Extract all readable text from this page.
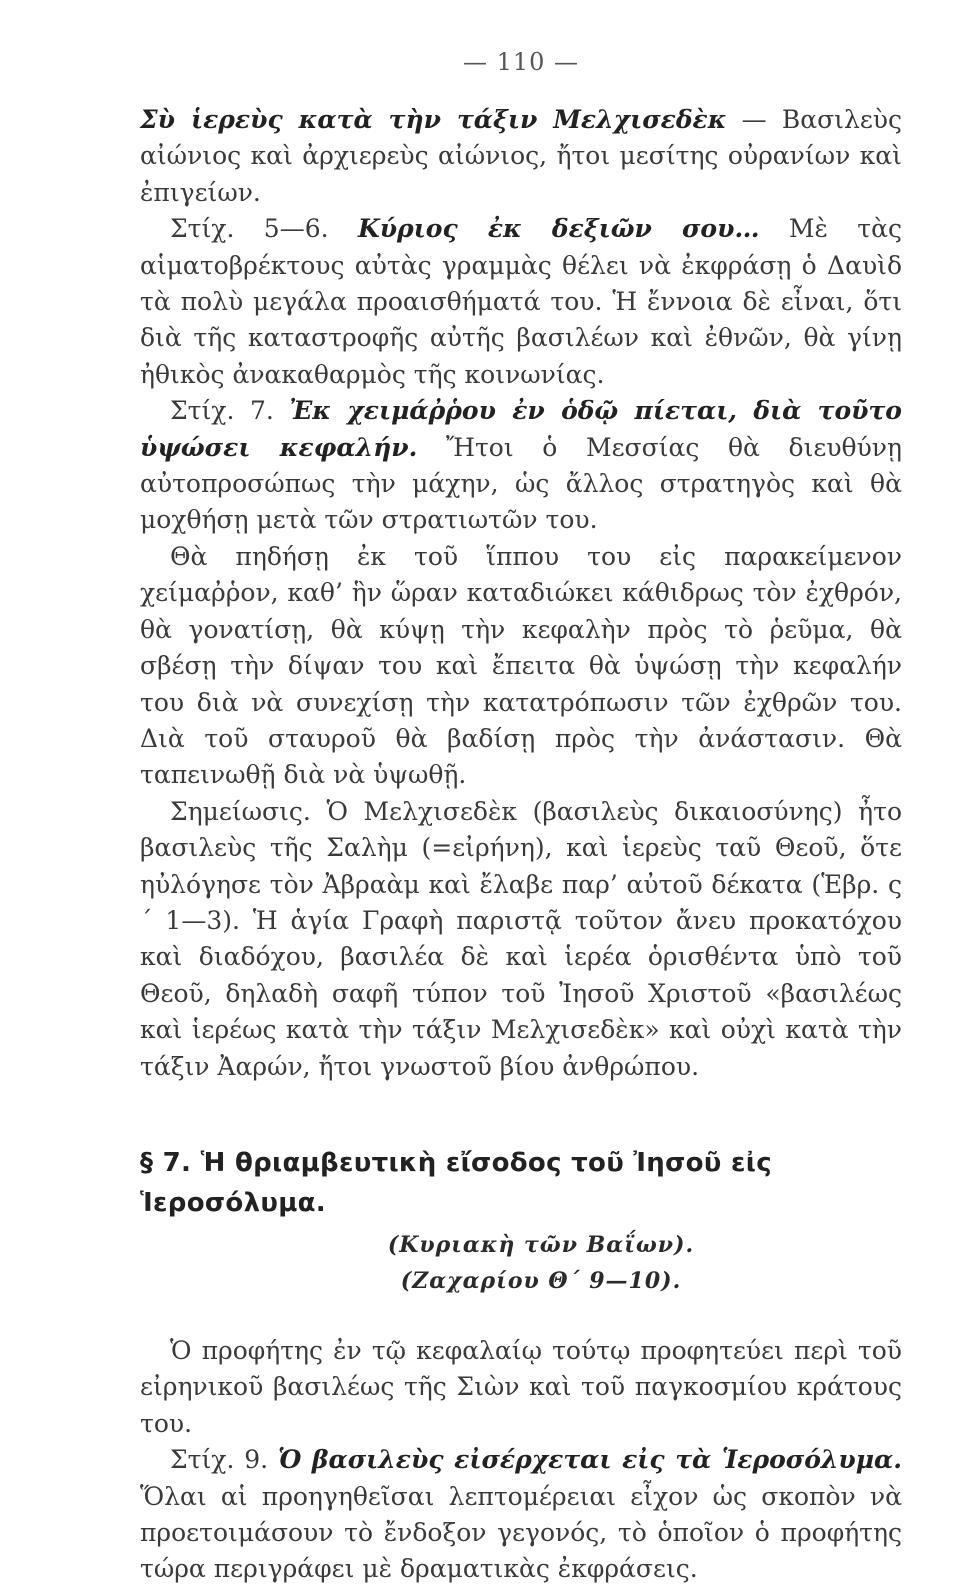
— 110 —

Σὺ ἱερεὺς κατὰ τὴν τάξιν Μελχισεδὲκ — Βασιλεὺς αἰώνιος καὶ ἀρχιερεὺς αἰώνιος, ἤτοι μεσίτης οὐρανίων καὶ ἐπιγείων.

Στίχ. 5—6. Κύριος ἐκ δεξιῶν σου… Μὲ τὰς αἱματοβρέκτους αὐτὰς γραμμὰς θέλει νὰ ἐκφράσῃ ὁ Δαυὶδ τὰ πολὺ μεγάλα προαισθήματά του. Ἡ ἔννοια δὲ εἶναι, ὅτι διὰ τῆς καταστροφῆς αὐτῆς βασιλέων καὶ ἐθνῶν, θὰ γίνῃ ἠθικὸς ἀνακαθαρμὸς τῆς κοινωνίας.

Στίχ. 7. Ἐκ χειμάῤῥου ἐν ὁδῷ πίεται, διὰ τοῦτο ὑψώσει κεφαλήν. Ἤτοι ὁ Μεσσίας θὰ διευθύνῃ αὐτοπροσώπως τὴν μάχην, ὡς ἄλλος στρατηγὸς καὶ θὰ μοχθήσῃ μετὰ τῶν στρατιωτῶν του.

Θὰ πηδήσῃ ἐκ τοῦ ἵππου του εἰς παρακείμενον χείμαῤῥον, καθ’ ἣν ὥραν καταδιώκει κάθιδρως τὸν ἐχθρόν, θὰ γονατίσῃ, θὰ κύψῃ τὴν κεφαλὴν πρὸς τὸ ῥεῦμα, θὰ σβέσῃ τὴν δίψαν του καὶ ἔπειτα θὰ ὑψώσῃ τὴν κεφαλήν του διὰ νὰ συνεχίσῃ τὴν κατατρόπωσιν τῶν ἐχθρῶν του. Διὰ τοῦ σταυροῦ θὰ βαδίσῃ πρὸς τὴν ἀνάστασιν. Θὰ ταπεινωθῇ διὰ νὰ ὑψωθῇ.

Σημείωσις. Ὁ Μελχισεδὲκ (βασιλεὺς δικαιοσύνης) ἦτο βασιλεὺς τῆς Σαλὴμ (=εἰρήνη), καὶ ἱερεὺς ταῦ Θεοῦ, ὅτε ηὐλόγησε τὸν Ἀβραὰμ καὶ ἔλαβε παρ’ αὐτοῦ δέκατα (Ἑβρ. ς´ 1—3). Ἡ ἁγία Γραφὴ παριστᾷ τοῦτον ἄνευ προκατόχου καὶ διαδόχου, βασιλέα δὲ καὶ ἱερέα ὁρισθέντα ὑπὸ τοῦ Θεοῦ, δηλαδὴ σαφῆ τύπον τοῦ Ἰησοῦ Χριστοῦ «βασιλέως καὶ ἱερέως κατὰ τὴν τάξιν Μελχισεδὲκ» καὶ οὐχὶ κατὰ τὴν τάξιν Ἀαρών, ἤτοι γνωστοῦ βίου ἀνθρώπου.

§ 7. Ἡ θριαμβευτικὴ εἴσοδος τοῦ Ἰησοῦ εἰς Ἱεροσόλυμα.
(Κυριακὴ τῶν Βαΐων).
(Ζαχαρίου Θ´ 9—10).

Ὁ προφήτης ἐν τῷ κεφαλαίῳ τούτῳ προφητεύει περὶ τοῦ εἰρηνικοῦ βασιλέως τῆς Σιὼν καὶ τοῦ παγκοσμίου κράτους του.

Στίχ. 9. Ὁ βασιλεὺς εἰσέρχεται εἰς τὰ Ἱεροσόλυμα. Ὅλαι αἱ προηγηθεῖσαι λεπτομέρειαι εἶχον ὡς σκοπὸν νὰ προετοιμάσουν τὸ ἔνδοξον γεγονός, τὸ ὁποῖον ὁ προφήτης τώρα περιγράφει μὲ δραματικὰς ἐκφράσεις.
